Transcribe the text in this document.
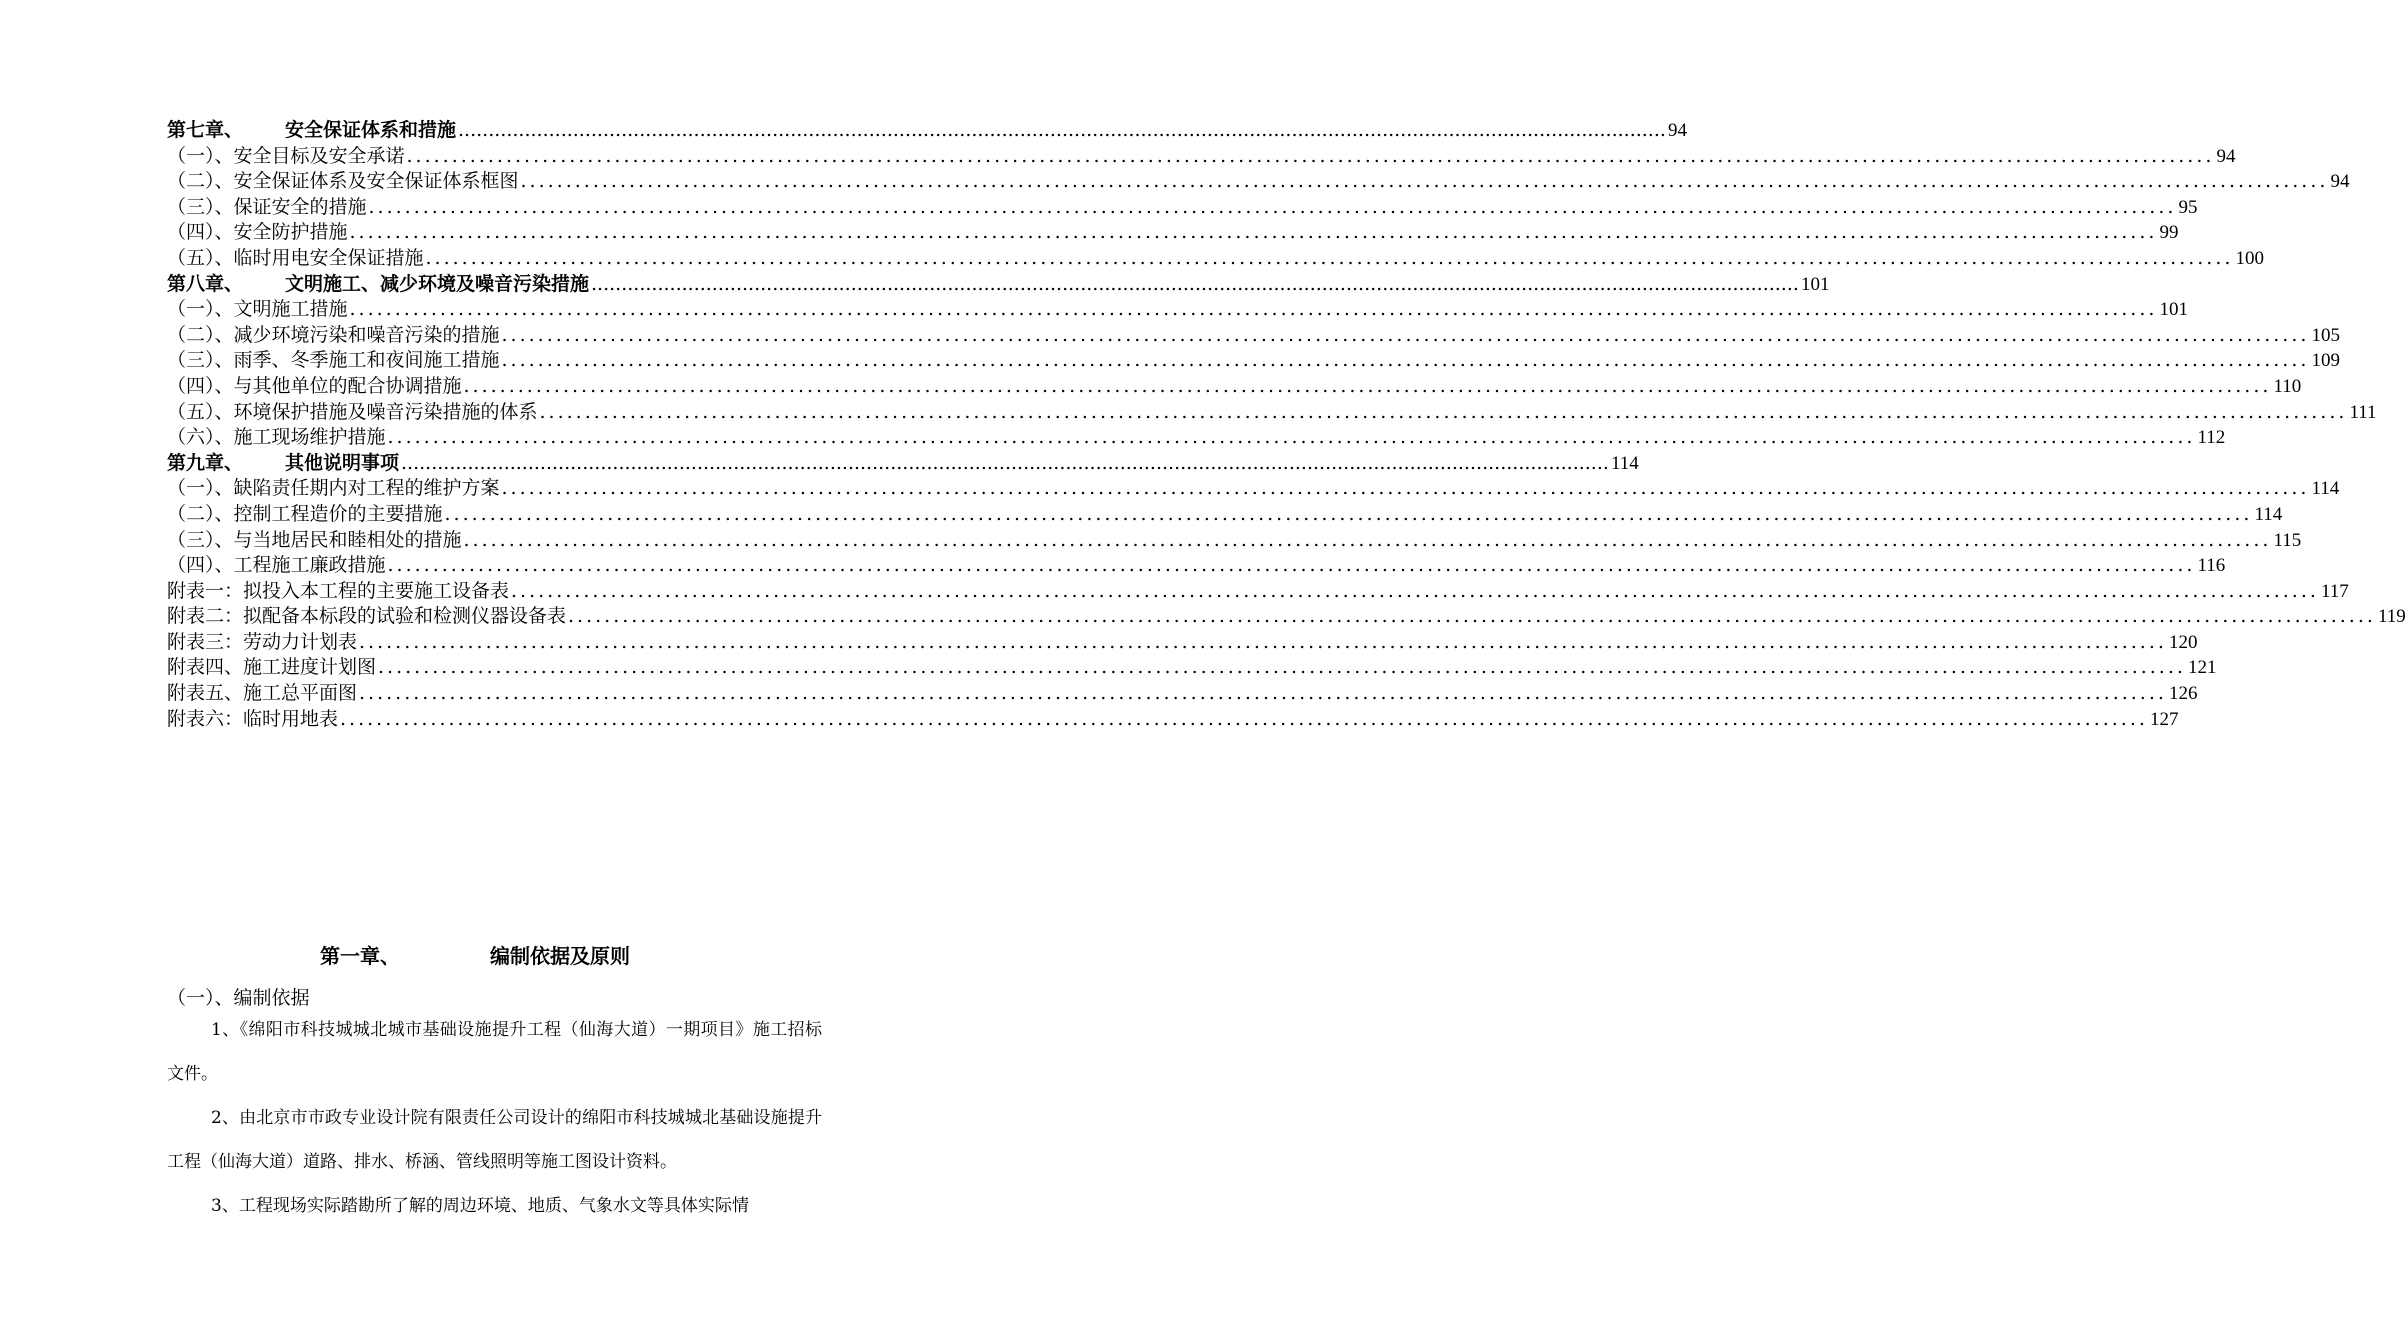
第七章、 安全保证体系和措施 ........................................................................................................................................................................................................ 94
（一）、安全目标及安全承诺 ........................................................................................................................................................................................................ 94
（二）、安全保证体系及安全保证体系框图 ........................................................................................................................................................................................................ 94
（三）、保证安全的措施 ........................................................................................................................................................................................................ 95
（四）、安全防护措施 ........................................................................................................................................................................................................ 99
（五）、临时用电安全保证措施 ........................................................................................................................................................................................................ 100
第八章、 文明施工、减少环境及噪音污染措施 ........................................................................................................................................................................................................ 101
（一）、文明施工措施 ........................................................................................................................................................................................................ 101
（二）、减少环境污染和噪音污染的措施 ........................................................................................................................................................................................................ 105
（三）、雨季、冬季施工和夜间施工措施 ........................................................................................................................................................................................................ 109
（四）、与其他单位的配合协调措施 ........................................................................................................................................................................................................ 110
（五）、环境保护措施及噪音污染措施的体系 ........................................................................................................................................................................................................ 111
（六）、施工现场维护措施 ........................................................................................................................................................................................................ 112
第九章、 其他说明事项 ........................................................................................................................................................................................................ 114
（一）、缺陷责任期内对工程的维护方案 ........................................................................................................................................................................................................ 114
（二）、控制工程造价的主要措施 ........................................................................................................................................................................................................ 114
（三）、与当地居民和睦相处的措施 ........................................................................................................................................................................................................ 115
（四）、工程施工廉政措施 ........................................................................................................................................................................................................ 116
附表一：拟投入本工程的主要施工设备表 ........................................................................................................................................................................................................ 117
附表二：拟配备本标段的试验和检测仪器设备表 ........................................................................................................................................................................................................ 119
附表三：劳动力计划表 ........................................................................................................................................................................................................ 120
附表四、施工进度计划图 ........................................................................................................................................................................................................ 121
附表五、施工总平面图 ........................................................................................................................................................................................................ 126
附表六：临时用地表 ........................................................................................................................................................................................................ 127
第一章、	编制依据及原则
（一）、编制依据
1、《绵阳市科技城城北城市基础设施提升工程（仙海大道）一期项目》施工招标文件。
2、由北京市市政专业设计院有限责任公司设计的绵阳市科技城城北基础设施提升工程（仙海大道）道路、排水、桥涵、管线照明等施工图设计资料。
3、工程现场实际踏勘所了解的周边环境、地质、气象水文等具体实际情
